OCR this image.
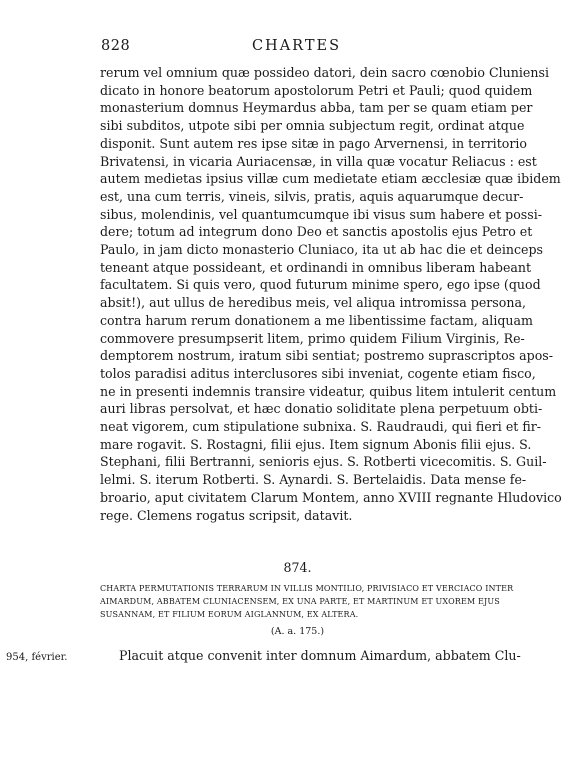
828	CHARTES
rerum vel omnium quæ possideo datori, dein sacro cœnobio Cluniensi
dicato in honore beatorum apostolorum Petri et Pauli; quod quidem
monasterium domnus Heymardus abba, tam per se quam etiam per
sibi subditos, utpote sibi per omnia subjectum regit, ordinat atque
disponit. Sunt autem res ipse sitæ in pago Arvernensi, in territorio
Brivatensi, in vicaria Auriacensæ, in villa quæ vocatur Reliacus : est
autem medietas ipsius villæ cum medietate etiam æcclesiæ quæ ibidem
est, una cum terris, vineis, silvis, pratis, aquis aquarumque decur-
sibus, molendinis, vel quantumcumque ibi visus sum habere et possi-
dere; totum ad integrum dono Deo et sanctis apostolis ejus Petro et
Paulo, in jam dicto monasterio Cluniaco, ita ut ab hac die et deinceps
teneant atque possideant, et ordinandi in omnibus liberam habeant
facultatem. Si quis vero, quod futurum minime spero, ego ipse (quod
absit!), aut ullus de heredibus meis, vel aliqua intromissa persona,
contra harum rerum donationem a me libentissime factam, aliquam
commovere presumpserit litem, primo quidem Filium Virginis, Re-
demptorem nostrum, iratum sibi sentiat; postremo suprascriptos apos-
tolos paradisi aditus interclusores sibi inveniat, cogente etiam fisco,
ne in presenti indemnis transire videatur, quibus litem intulerit centum
auri libras persolvat, et hæc donatio soliditate plena perpetuum obti-
neat vigorem, cum stipulatione subnixa. S. Raudraudi, qui fieri et fir-
mare rogavit. S. Rostagni, filii ejus. Item signum Abonis filii ejus. S.
Stephani, filii Bertranni, senioris ejus. S. Rotberti vicecomitis. S. Guil-
lelmi. S. iterum Rotberti. S. Aynardi. S. Bertelaidis. Data mense fe-
broario, aput civitatem Clarum Montem, anno XVIII regnante Hludovico
rege. Clemens rogatus scripsit, datavit.
874.
CHARTA PERMUTATIONIS TERRARUM IN VILLIS MONTILIO, PRIVISIACO ET VERCIACO INTER
AIMARDUM, ABBATEM CLUNIACENSEM, EX UNA PARTE, ET MARTINUM ET UXOREM EJUS
SUSANNAM, ET FILIUM EORUM AIGLANNUM, EX ALTERA.
(A. a. 175.)
954, février.	Placuit atque convenit inter domnum Aimardum, abbatem Clu-
